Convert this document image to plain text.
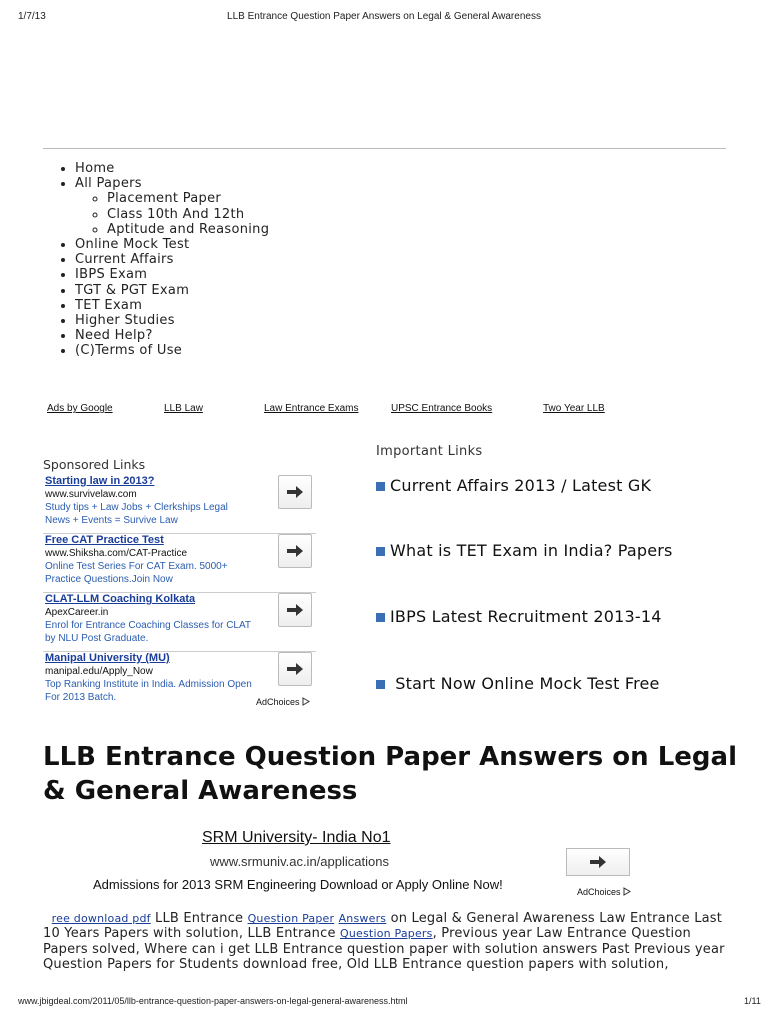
1/7/13	LLB Entrance Question Paper Answers on Legal & General Awareness
• Home
• All Papers
◦ Placement Paper
◦ Class 10th And 12th
◦ Aptitude and Reasoning
• Online Mock Test
• Current Affairs
• IBPS Exam
• TGT & PGT Exam
• TET Exam
• Higher Studies
• Need Help?
• (C)Terms of Use
Ads by Google	LLB Law	Law Entrance Exams	UPSC Entrance Books	Two Year LLB
Sponsored Links
Starting law in 2013?
www.survivelaw.com
Study tips + Law Jobs + Clerkships Legal News + Events = Survive Law
Free CAT Practice Test
www.Shiksha.com/CAT-Practice
Online Test Series For CAT Exam. 5000+ Practice Questions.Join Now
CLAT-LLM Coaching Kolkata
ApexCareer.in
Enrol for Entrance Coaching Classes for CLAT by NLU Post Graduate.
Manipal University (MU)
manipal.edu/Apply_Now
Top Ranking Institute in India. Admission Open For 2013 Batch.	AdChoices
Important Links
Current Affairs 2013 / Latest GK
What is TET Exam in India? Papers
IBPS Latest Recruitment 2013-14
Start Now Online Mock Test Free
LLB Entrance Question Paper Answers on Legal & General Awareness
SRM University- India No1
www.srmuniv.ac.in/applications
Admissions for 2013 SRM Engineering Download or Apply Online Now!	AdChoices
ree download pdf LLB Entrance Question Paper Answers on Legal & General Awareness Law Entrance Last 10 Years Papers with solution, LLB Entrance Question Papers, Previous year Law Entrance Question Papers solved, Where can i get LLB Entrance question paper with solution answers Past Previous year Question Papers for Students download free, Old LLB Entrance question papers with solution,
www.jbigdeal.com/2011/05/llb-entrance-question-paper-answers-on-legal-general-awareness.html	1/11
